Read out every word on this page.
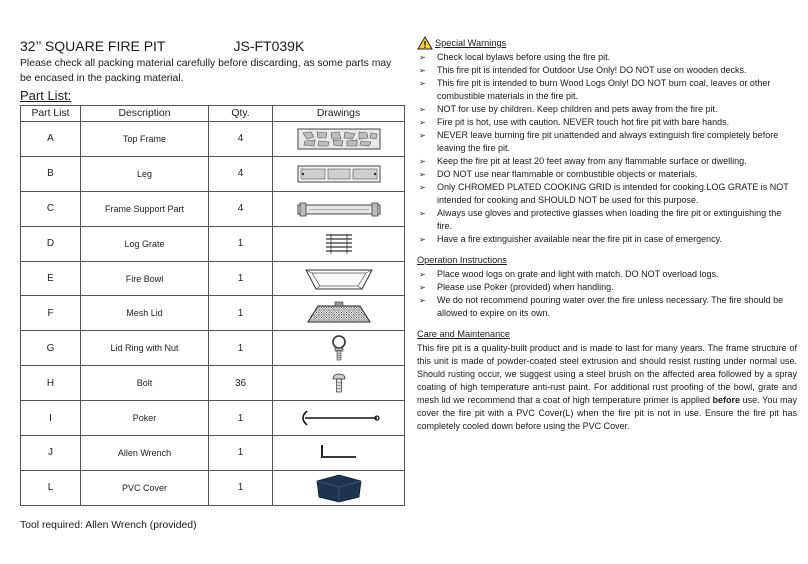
32’’ SQUARE FIRE PIT	JS-FT039K
Please check all packing material carefully before discarding, as some parts may be encased in the packing material.
Part List:
Part List	Description	Qty.	Drawings
A	Top Frame	4	

B	Leg	4	

C	Frame Support Part	4	

D	Log Grate	1	

E	Fire Bowl	1	

F	Mesh Lid	1	

G	Lid Ring with Nut	1	

H	Bolt	36	

I	Poker	1	

J	Allen Wrench	1	

L	PVC Cover	1	
Tool required: Allen Wrench (provided)
Special Warnings
➢ Check local bylaws before using the fire pit.
➢ This fire pit is intended for Outdoor Use Only! DO NOT use on wooden decks.
➢ This fire pit is intended to burn Wood Logs Only! DO NOT burn coal, leaves or other combustible materials in the fire pit.
➢ NOT for use by children. Keep children and pets away from the fire pit.
➢ Fire pit is hot, use with caution. NEVER touch hot fire pit with bare hands.
➢ NEVER leave burning fire pit unattended and always extinguish fire completely before leaving the fire pit.
➢ Keep the fire pit at least 20 feet away from any flammable surface or dwelling.
➢ DO NOT use near flammable or combustible objects or materials.
➢ Only CHROMED PLATED COOKING GRID is intended for cooking.LOG GRATE is NOT intended for cooking and SHOULD NOT be used for this purpose.
➢ Always use gloves and protective glasses when loading the fire pit or extinguishing the fire.
➢ Have a fire extinguisher available near the fire pit in case of emergency.
Operation Instructions
➢ Place wood logs on grate and light with match. DO NOT overload logs.
➢ Please use Poker (provided) when handling.
➢ We do not recommend pouring water over the fire unless necessary. The fire should be allowed to expire on its own.
Care and Maintenance
This fire pit is a quality-built product and is made to last for many years. The frame structure of this unit is made of powder-coated steel extrusion and should resist rusting under normal use. Should rusting occur, we suggest using a steel brush on the affected area followed by a spray coating of high temperature anti-rust paint. For additional rust proofing of the bowl, grate and mesh lid we recommend that a coat of high temperature primer is applied before use. You may cover the fire pit with a PVC Cover(L) when the fire pit is not in use. Ensure the fire pit has completely cooled down before using the PVC Cover.
